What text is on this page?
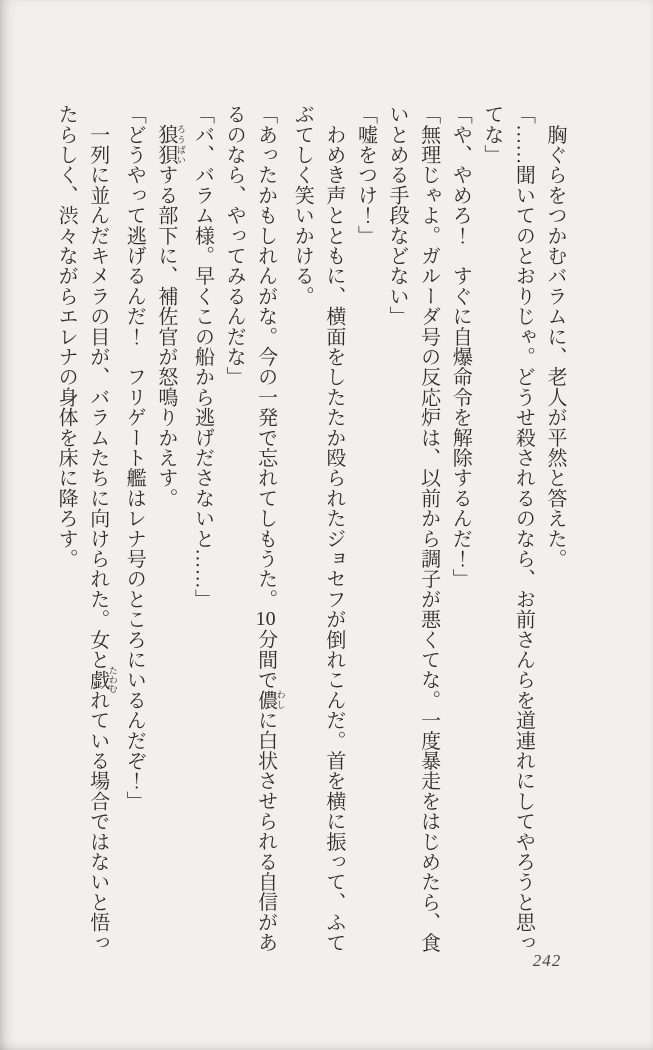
　胸ぐらをつかむバラムに、老人が平然と答えた。
「……聞いてのとおりじゃ。どうせ殺されるのなら、お前さんらを道連れにしてやろうと思っ
てな」
「や、やめろ！　すぐに自爆命令を解除するんだ！」
「無理じゃよ。ガルーダ号の反応炉は、以前から調子が悪くてな。一度暴走をはじめたら、食
いとめる手段などない」
「嘘をつけ！」
　わめき声とともに、横面をしたたか殴られたジョセフが倒れこんだ。首を横に振って、ふて
ぶてしく笑いかける。
「あったかもしれんがな。今の一発で忘れてしもうた。10分間で儂 わしに白状させられる自信があ
るのなら、やってみるんだな」
「バ、バラム様。早くこの船から逃げださないと……」
　狼狽 ろうばいする部下に、補佐官が怒鳴りかえす。
「どうやって逃げるんだ！　フリゲート艦はレナ号のところにいるんだぞ！」
　一列に並んだキメラの目が、バラムたちに向けられた。女と戯 たわむれている場合ではないと悟っ
たらしく、渋々ながらエレナの身体を床に降ろす。
242
